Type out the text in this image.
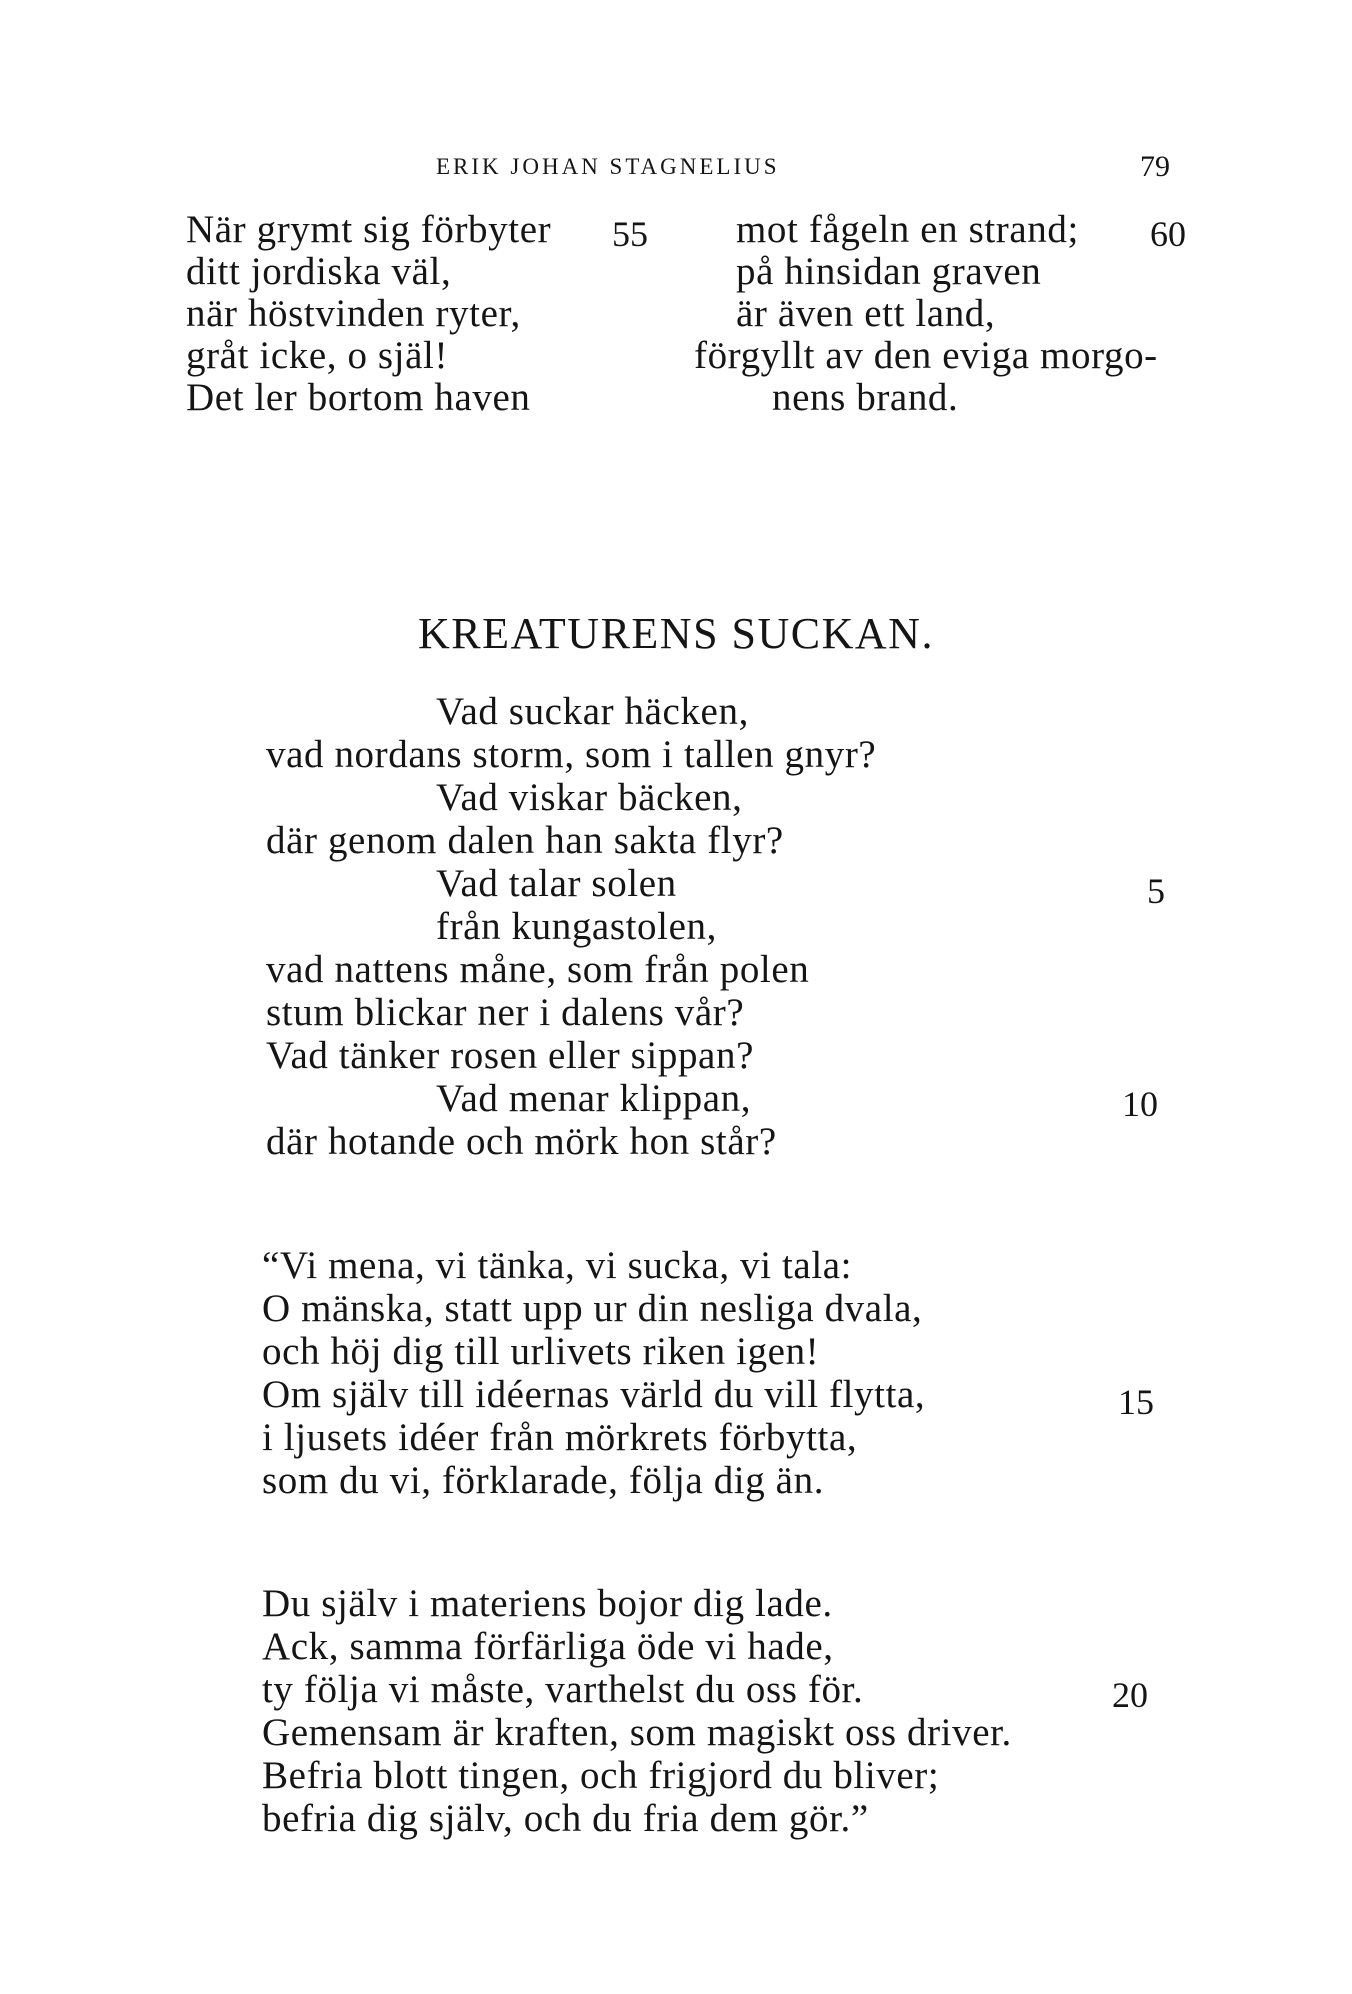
ERIK JOHAN STAGNELIUS	79
När grymt sig förbyter
ditt jordiska väl,
när höstvinden ryter,
gråt icke, o själ!
Det ler bortom haven
55 mot fågeln en strand;
på hinsidan graven
är även ett land,
förgyllt av den eviga morgo-
nens brand.
60
KREATURENS SUCKAN.
Vad suckar häcken,
vad nordans storm, som i tallen gnyr?
Vad viskar bäcken,
där genom dalen han sakta flyr?
Vad talar solen
från kungastolen,
vad nattens måne, som från polen
stum blickar ner i dalens vår?
Vad tänker rosen eller sippan?
Vad menar klippan,
där hotande och mörk hon står?
5
10
“Vi mena, vi tänka, vi sucka, vi tala:
O mänska, statt upp ur din nesliga dvala,
och höj dig till urlivets riken igen!
Om själv till idéernas värld du vill flytta,
i ljusets idéer från mörkrets förbytta,
som du vi, förklarade, följa dig än.
15
Du själv i materiens bojor dig lade.
Ack, samma förfärliga öde vi hade,
ty följa vi måste, varthelst du oss för.
Gemensam är kraften, som magiskt oss driver.
Befria blott tingen, och frigjord du bliver;
befria dig själv, och du fria dem gör.”
20
